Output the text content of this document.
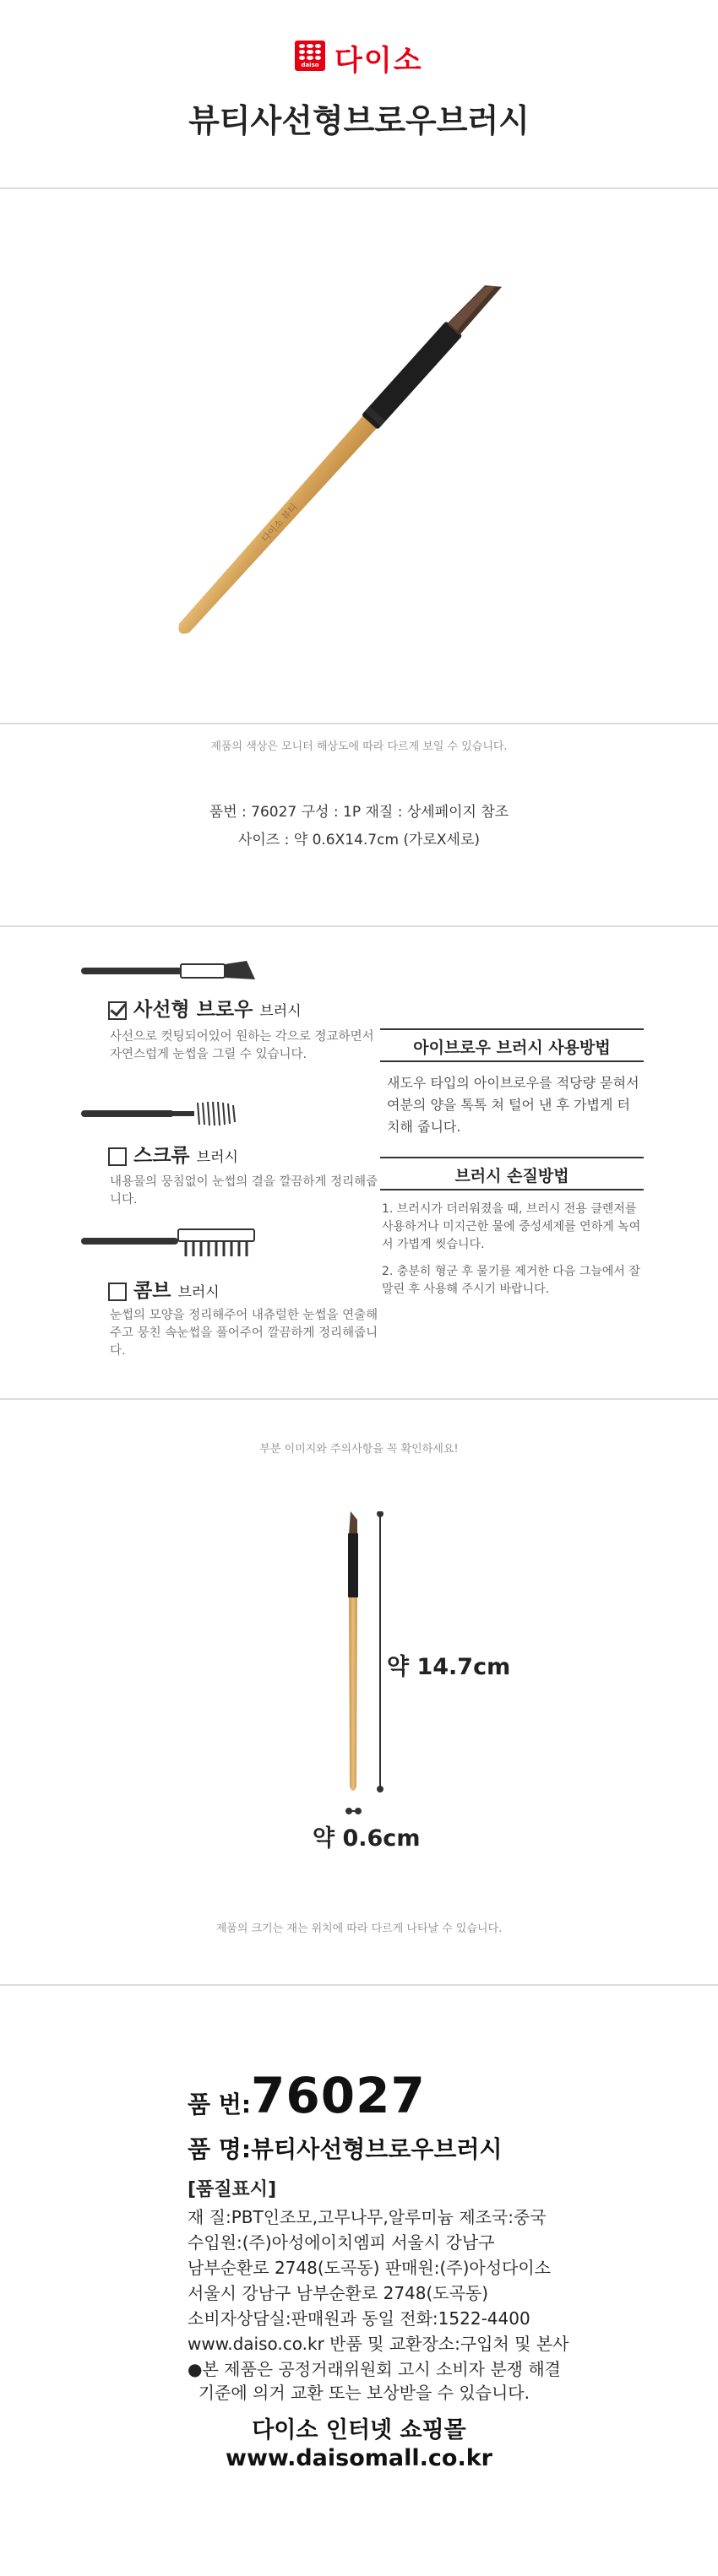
daiso 다이소
뷰티사선형브로우브러시
다이소 뷰티
제품의 색상은 모니터 해상도에 따라 다르게 보일 수 있습니다.
품번 : 76027 구성 : 1P 재질 : 상세페이지 참조
사이즈 : 약 0.6X14.7cm (가로X세로)
사선형 브로우 브러시
사선으로 컷팅되어있어 원하는 각으로 정교하면서 자연스럽게 눈썹을 그릴 수 있습니다.
스크류 브러시
내용물의 뭉침없이 눈썹의 결을 깔끔하게 정리해줍니다.
콤브 브러시
눈썹의 모양을 정리해주어 내츄럴한 눈썹을 연출해주고 뭉친 속눈썹을 풀어주어 깔끔하게 정리해줍니다.
아이브로우 브러시 사용방법
새도우 타입의 아이브로우를 적당량 묻혀서 여분의 양을 톡톡 쳐 털어 낸 후 가볍게 터치해 줍니다.
브러시 손질방법
1. 브러시가 더러워졌을 때, 브러시 전용 클렌저를 사용하거나 미지근한 물에 중성세제를 연하게 녹여서 가볍게 씻습니다.
2. 충분히 형군 후 물기를 제거한 다음 그늘에서 잘 말린 후 사용해 주시기 바랍니다.
부분 이미지와 주의사항을 꼭 확인하세요!
약 14.7cm
약 0.6cm
제품의 크기는 재는 위치에 따라 다르게 나타날 수 있습니다.
품 번:76027
품 명:뷰티사선형브로우브러시
[품질표시]
재 질:PBT인조모,고무나무,알루미늄 제조국:중국
수입원:(주)아성에이치엠피 서울시 강남구
남부순환로 2748(도곡동) 판매원:(주)아성다이소
서울시 강남구 남부순환로 2748(도곡동)
소비자상담실:판매원과 동일 전화:1522-4400
www.daiso.co.kr 반품 및 교환장소:구입처 및 본사
●본 제품은 공정거래위원회 고시 소비자 분쟁 해결
기준에 의거 교환 또는 보상받을 수 있습니다.
다이소 인터넷 쇼핑몰
www.daisomall.co.kr
